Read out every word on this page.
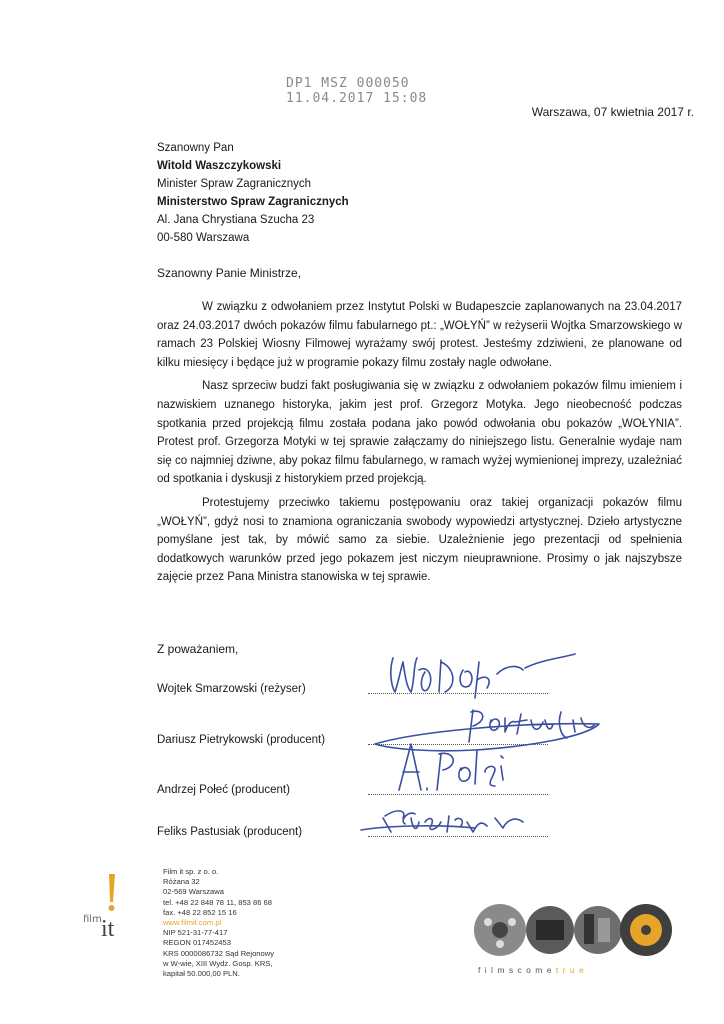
DP1 MSZ 000050
11.04.2017 15:08
Warszawa, 07 kwietnia 2017 r.
Szanowny Pan
Witold Waszczykowski
Minister Spraw Zagranicznych
Ministerstwo Spraw Zagranicznych
Al. Jana Chrystiana Szucha 23
00-580 Warszawa
Szanowny Panie Ministrze,

W związku z odwołaniem przez Instytut Polski w Budapeszcie zaplanowanych na 23.04.2017 oraz 24.03.2017 dwóch pokazów filmu fabularnego pt.: „WOŁYŃ” w reżyserii Wojtka Smarzowskiego w ramach 23 Polskiej Wiosny Filmowej wyrażamy swój protest. Jesteśmy zdziwieni, ze planowane od kilku miesięcy i będące już w programie pokazy filmu zostały nagle odwołane.

Nasz sprzeciw budzi fakt posługiwania się w związku z odwołaniem pokazów filmu imieniem i nazwiskiem uznanego historyka, jakim jest prof. Grzegorz Motyka. Jego nieobecność podczas spotkania przed projekcją filmu została podana jako powód odwołania obu pokazów „WOŁYNIA”. Protest prof. Grzegorza Motyki w tej sprawie załączamy do niniejszego listu. Generalnie wydaje nam się co najmniej dziwne, aby pokaz filmu fabularnego, w ramach wyżej wymienionej imprezy, uzależniać od spotkania i dyskusji z historykiem przed projekcją.

Protestujemy przeciwko takiemu postępowaniu oraz takiej organizacji pokazów filmu „WOŁYŃ”, gdyż nosi to znamiona ograniczania swobody wypowiedzi artystycznej. Dzieło artystyczne pomyślane jest tak, by mówić samo za siebie. Uzależnienie jego prezentacji od spełnienia dodatkowych warunków przed jego pokazem jest niczym nieuprawnione. Prosimy o jak najszybsze zajęcie przez Pana Ministra stanowiska w tej sprawie.

Z poważaniem,
Wojtek Smarzowski (reżyser)
Dariusz Pietrykowski (producent)
Andrzej Połeć (producent)
Feliks Pastusiak (producent)
film it
Film it sp. z o. o.
Różana 32
02-569 Warszawa
tel. +48 22 848 78 11, 853 86 68
fax. +48 22 852 15 16
www.filmit.com.pl
NIP 521-31-77-417
REGON 017452453
KRS 0000086732 Sąd Rejonowy
w W-wie, XIII Wydz. Gosp. KRS,
kapitał 50.000,00 PLN.	filmscometrue
